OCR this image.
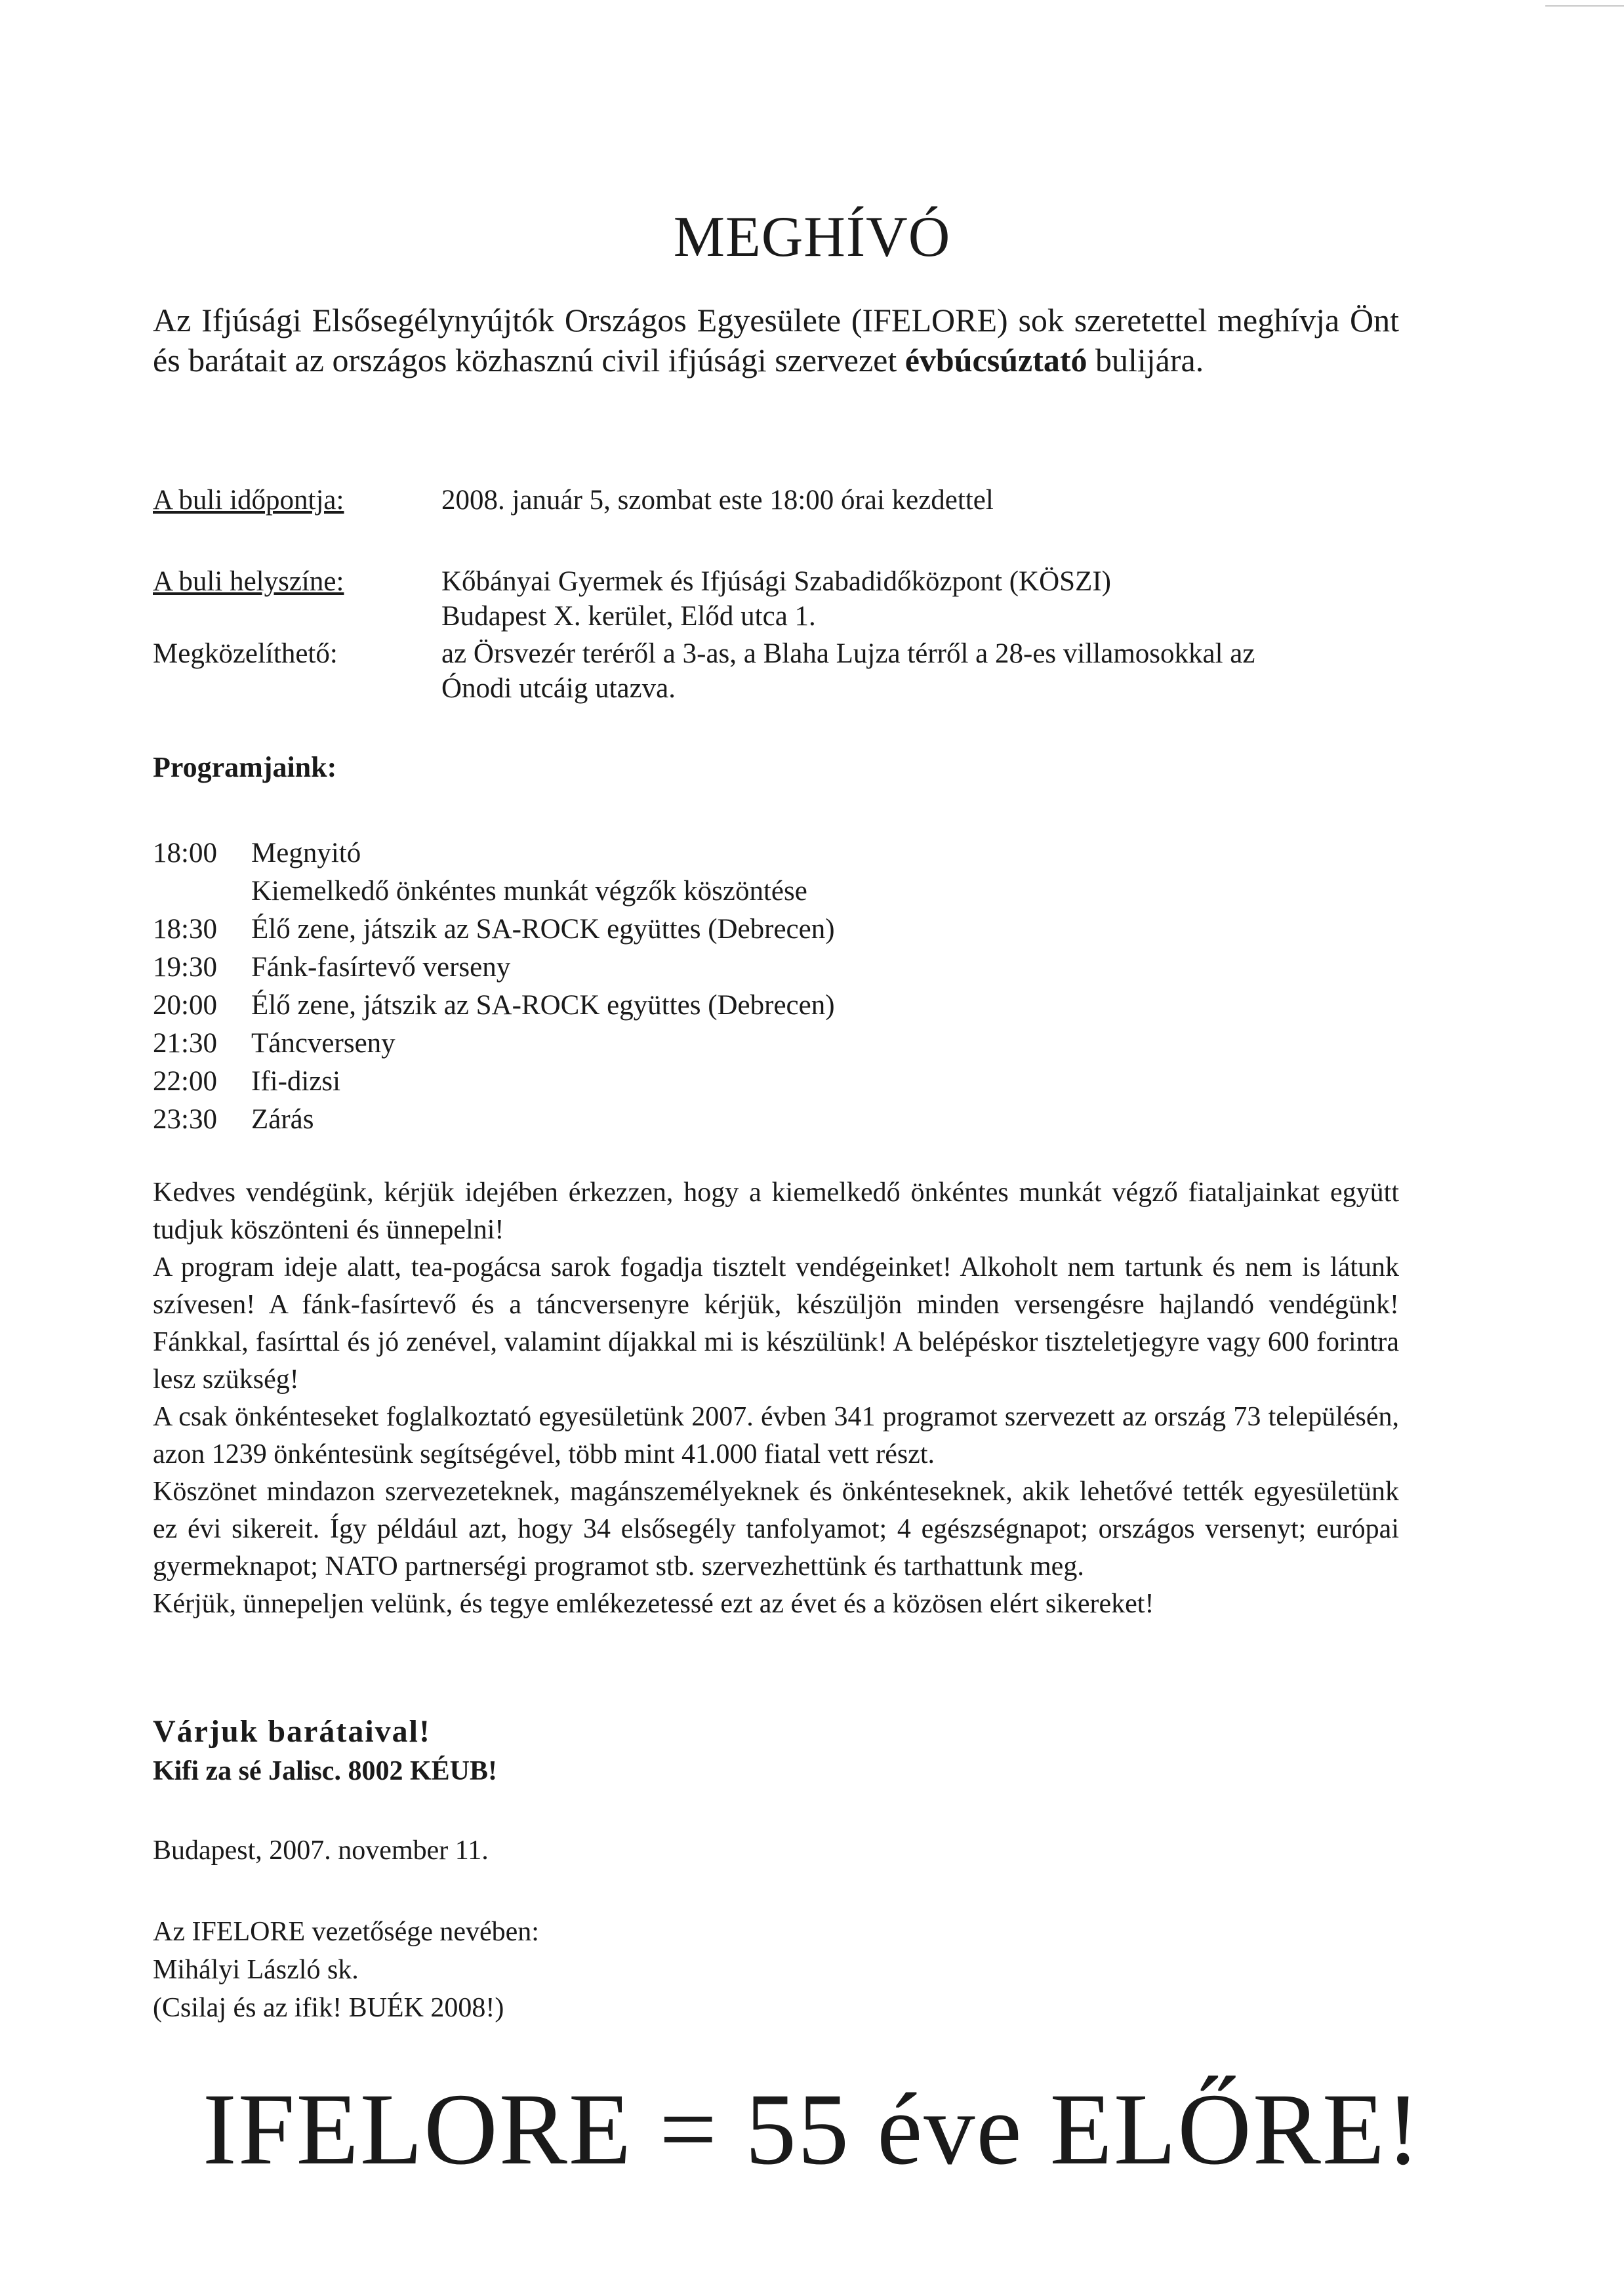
MEGHÍVÓ
Az Ifjúsági Elsősegélynyújtók Országos Egyesülete (IFELORE) sok szeretettel meghívja Önt és barátait az országos közhasznú civil ifjúsági szervezet évbúcsúztató bulijára.
A buli időpontja:	2008. január 5, szombat este 18:00 órai kezdettel
A buli helyszíne:	Kőbányai Gyermek és Ifjúsági Szabadidőközpont (KÖSZI)
Budapest X. kerület, Előd utca 1.
Megközelíthető:	az Örsvezér teréről a 3-as, a Blaha Lujza térről a 28-es villamosokkal az
Ónodi utcáig utazva.
Programjaink:
18:00 Megnyitó
Kiemelkedő önkéntes munkát végzők köszöntése
18:30 Élő zene, játszik az SA-ROCK együttes (Debrecen)
19:30 Fánk-fasírtevő verseny
20:00 Élő zene, játszik az SA-ROCK együttes (Debrecen)
21:30 Táncverseny
22:00 Ifi-dizsi
23:30 Zárás

Kedves vendégünk, kérjük idejében érkezzen, hogy a kiemelkedő önkéntes munkát végző fiataljainkat együtt tudjuk köszönteni és ünnepelni!

A program ideje alatt, tea-pogácsa sarok fogadja tisztelt vendégeinket! Alkoholt nem tartunk és nem is látunk szívesen! A fánk-fasírtevő és a táncversenyre kérjük, készüljön minden versengésre hajlandó vendégünk! Fánkkal, fasírttal és jó zenével, valamint díjakkal mi is készülünk! A belépéskor tiszteletjegyre vagy 600 forintra lesz szükség!

A csak önkénteseket foglalkoztató egyesületünk 2007. évben 341 programot szervezett az ország 73 településén, azon 1239 önkéntesünk segítségével, több mint 41.000 fiatal vett részt.

Köszönet mindazon szervezeteknek, magánszemélyeknek és önkénteseknek, akik lehetővé tették egyesületünk ez évi sikereit. Így például azt, hogy 34 elsősegély tanfolyamot; 4 egészségnapot; országos versenyt; európai gyermeknapot; NATO partnerségi programot stb. szervezhettünk és tarthattunk meg.

Kérjük, ünnepeljen velünk, és tegye emlékezetessé ezt az évet és a közösen elért sikereket!

Várjuk barátaival!
Kifi za sé Jalisc. 8002 KÉUB!
Budapest, 2007. november 11.
Az IFELORE vezetősége nevében:
Mihályi László sk.
(Csilaj és az ifik! BUÉK 2008!)
IFELORE = 55 éve ELŐRE!
